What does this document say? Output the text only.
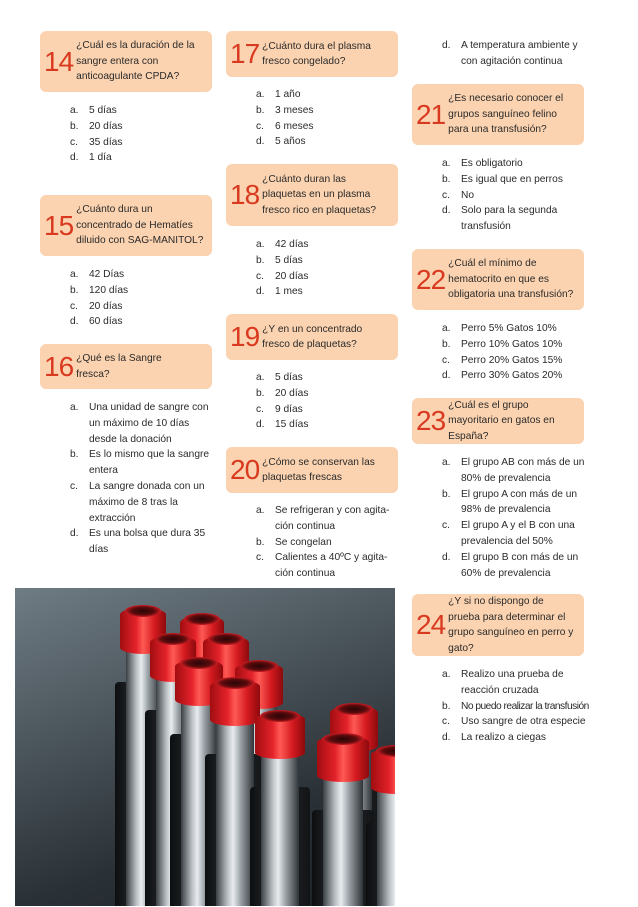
14 ¿Cuál es la duración de la sangre entera con anticoagulante CPDA?
a. 5 días
b. 20 días
c. 35 días
d. 1 día
15 ¿Cuánto dura un concentrado de Hematíes diluido con SAG-MANITOL?
a. 42 Días
b. 120 días
c. 20 días
d. 60 días
16 ¿Qué es la Sangre fresca?
a. Una unidad de sangre con un máximo de 10 días desde la donación
b. Es lo mismo que la sangre entera
c. La sangre donada con un máximo de 8 tras la extracción
d. Es una bolsa que dura 35 días
17 ¿Cuánto dura el plasma fresco congelado?
a. 1 año
b. 3 meses
c. 6 meses
d. 5 años
18 ¿Cuánto duran las plaquetas en un plasma fresco rico en plaquetas?
a. 42 días
b. 5 días
c. 20 días
d. 1 mes
19 ¿Y en un concentrado fresco de plaquetas?
a. 5 días
b. 20 días
c. 9 días
d. 15 días
20 ¿Cómo se conservan las plaquetas frescas
a. Se refrigeran y con agita-ción continua
b. Se congelan
c. Calientes a 40ºC y agita-ción continua
d. A temperatura ambiente y con agitación continua
21 ¿Es necesario conocer el grupos sanguíneo felino para una transfusión?
a. Es obligatorio
b. Es igual que en perros
c. No
d. Solo para la segunda transfusión
22 ¿Cuál el mínimo de hematocrito en que es obligatoria una transfusión?
a. Perro 5% Gatos 10%
b. Perro 10% Gatos 10%
c. Perro 20% Gatos 15%
d. Perro 30% Gatos 20%
23 ¿Cuál es el grupo mayoritario en gatos en España?
a. El grupo AB con más de un 80% de prevalencia
b. El grupo A con más de un 98% de prevalencia
c. El grupo A y el B con una prevalencia del 50%
d. El grupo B con más de un 60% de prevalencia
24
¿Y si no dispongo de prueba para determinar el grupo sanguíneo en perro y gato?
a. Realizo una prueba de reacción cruzada
b. No puedo realizar la transfusión
c. Uso sangre de otra especie
d. La realizo a ciegas
